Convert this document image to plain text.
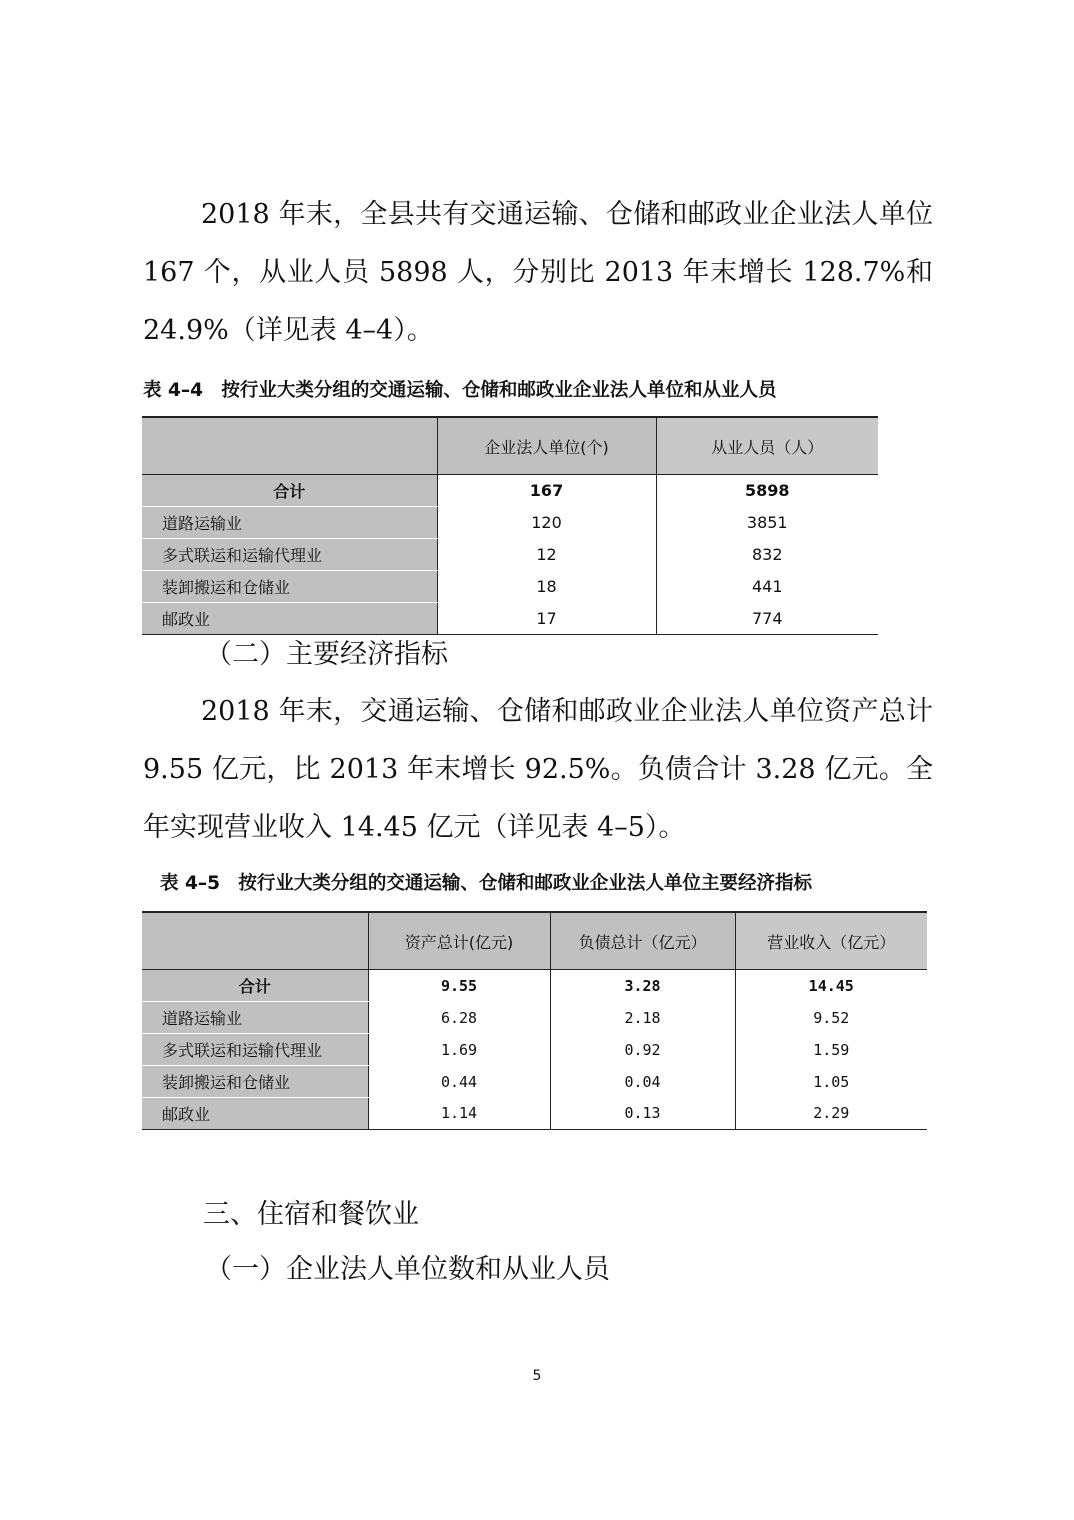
2018 年末，全县共有交通运输、仓储和邮政业企业法人单位 167 个，从业人员 5898 人，分别比 2013 年末增长 128.7%和 24.9%（详见表 4–4）。

表 4–4　按行业大类分组的交通运输、仓储和邮政业企业法人单位和从业人员

	企业法人单位(个)	从业人员（人）
合计	167	5898
道路运输业	120	3851
多式联运和运输代理业	12	832
装卸搬运和仓储业	18	441
邮政业	17	774

（二）主要经济指标

2018 年末，交通运输、仓储和邮政业企业法人单位资产总计 9.55 亿元，比 2013 年末增长 92.5%。负债合计 3.28 亿元。全年实现营业收入 14.45 亿元（详见表 4–5）。

表 4–5　按行业大类分组的交通运输、仓储和邮政业企业法人单位主要经济指标

	资产总计(亿元)	负债总计（亿元）	营业收入（亿元）
合计	9.55	3.28	14.45
道路运输业	6.28	2.18	9.52
多式联运和运输代理业	1.69	0.92	1.59
装卸搬运和仓储业	0.44	0.04	1.05
邮政业	1.14	0.13	2.29

三、住宿和餐饮业

（一）企业法人单位数和从业人员

5
